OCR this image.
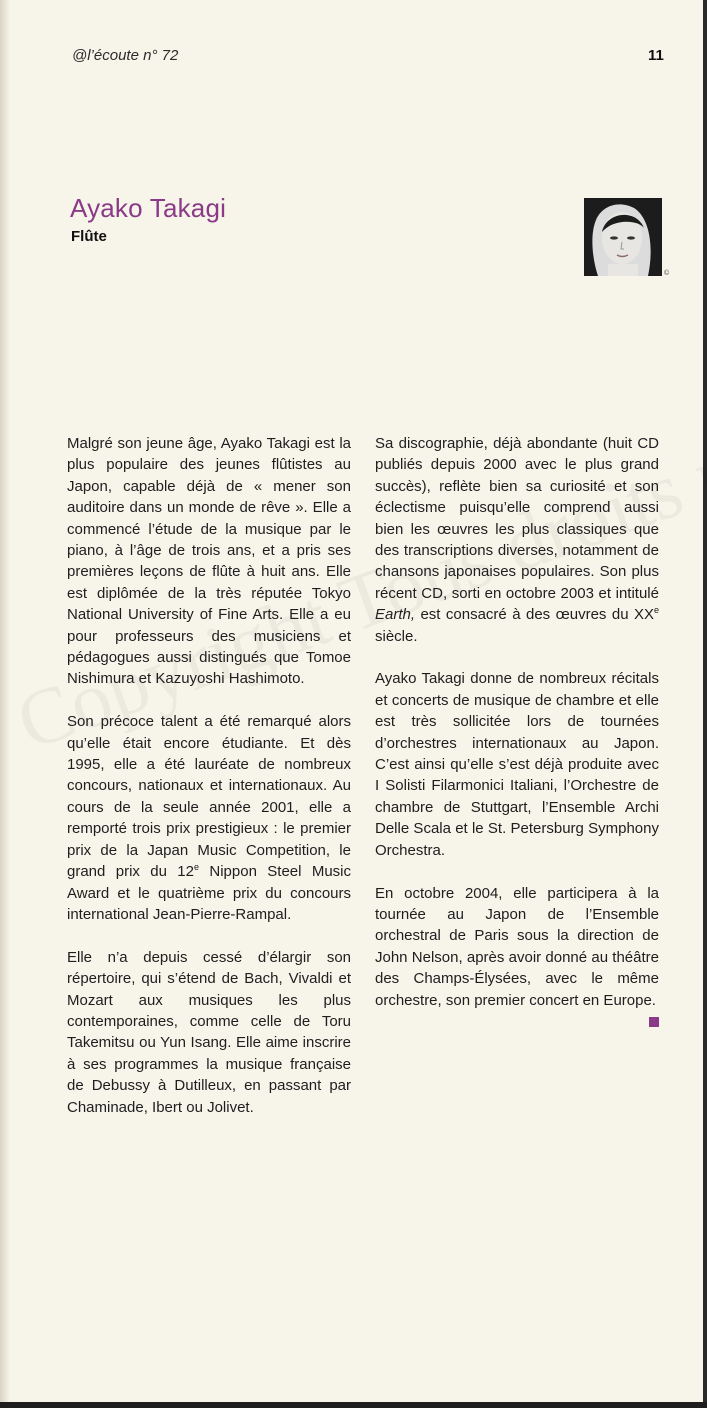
@l’écoute n° 72	11
Ayako Takagi
Flûte
©

Malgré son jeune âge, Ayako Takagi est la plus populaire des jeunes flûtistes au Japon, capable déjà de « mener son auditoire dans un monde de rêve ». Elle a commencé l’étude de la musique par le piano, à l’âge de trois ans, et a pris ses premières leçons de flûte à huit ans. Elle est diplômée de la très réputée Tokyo National University of Fine Arts. Elle a eu pour professeurs des musiciens et pédagogues aussi distingués que Tomoe Nishimura et Kazuyoshi Hashimoto.

Son précoce talent a été remarqué alors qu’elle était encore étudiante. Et dès 1995, elle a été lauréate de nombreux concours, nationaux et internationaux. Au cours de la seule année 2001, elle a remporté trois prix prestigieux : le premier prix de la Japan Music Competition, le grand prix du 12e Nippon Steel Music Award et le quatrième prix du concours international Jean-Pierre-Rampal.

Elle n’a depuis cessé d’élargir son répertoire, qui s’étend de Bach, Vivaldi et Mozart aux musiques les plus contemporaines, comme celle de Toru Takemitsu ou Yun Isang. Elle aime inscrire à ses programmes la musique française de Debussy à Dutilleux, en passant par Chaminade, Ibert ou Jolivet.

Sa discographie, déjà abondante (huit CD publiés depuis 2000 avec le plus grand succès), reflète bien sa curiosité et son éclectisme puisqu’elle comprend aussi bien les œuvres les plus classiques que des transcriptions diverses, notamment de chansons japonaises populaires. Son plus récent CD, sorti en octobre 2003 et intitulé Earth, est consacré à des œuvres du XXe siècle.

Ayako Takagi donne de nombreux récitals et concerts de musique de chambre et elle est très sollicitée lors de tournées d’orchestres internationaux au Japon. C’est ainsi qu’elle s’est déjà produite avec I Solisti Filarmonici Italiani, l’Orchestre de chambre de Stuttgart, l’Ensemble Archi Delle Scala et le St. Petersburg Symphony Orchestra.

En octobre 2004, elle participera à la tournée au Japon de l’Ensemble orchestral de Paris sous la direction de John Nelson, après avoir donné au théâtre des Champs-Élysées, avec le même orchestre, son premier concert en Europe.
